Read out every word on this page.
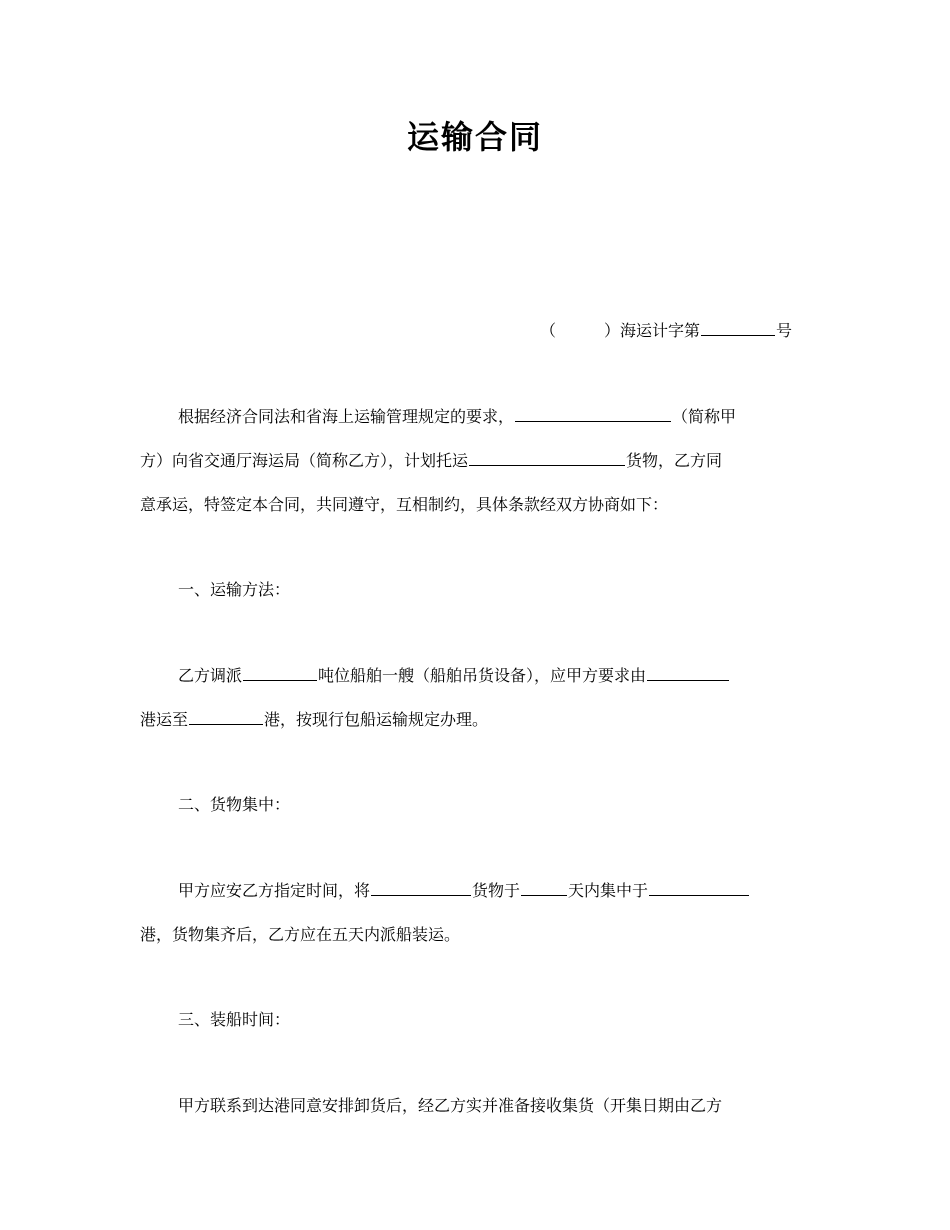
运输合同
（	）海运计字第	号
根据经济合同法和省海上运输管理规定的要求，	（简称甲
方）向省交通厅海运局（简称乙方），计划托运	货物，乙方同
意承运，特签定本合同，共同遵守，互相制约，具体条款经双方协商如下：
一、运输方法：
乙方调派	吨位船舶一艘（船舶吊货设备），应甲方要求由
港运至	港，按现行包船运输规定办理。
二、货物集中：
甲方应安乙方指定时间，将	货物于	天内集中于
港，货物集齐后，乙方应在五天内派船装运。
三、装船时间：
甲方联系到达港同意安排卸货后，经乙方实并准备接收集货（开集日期由乙方
